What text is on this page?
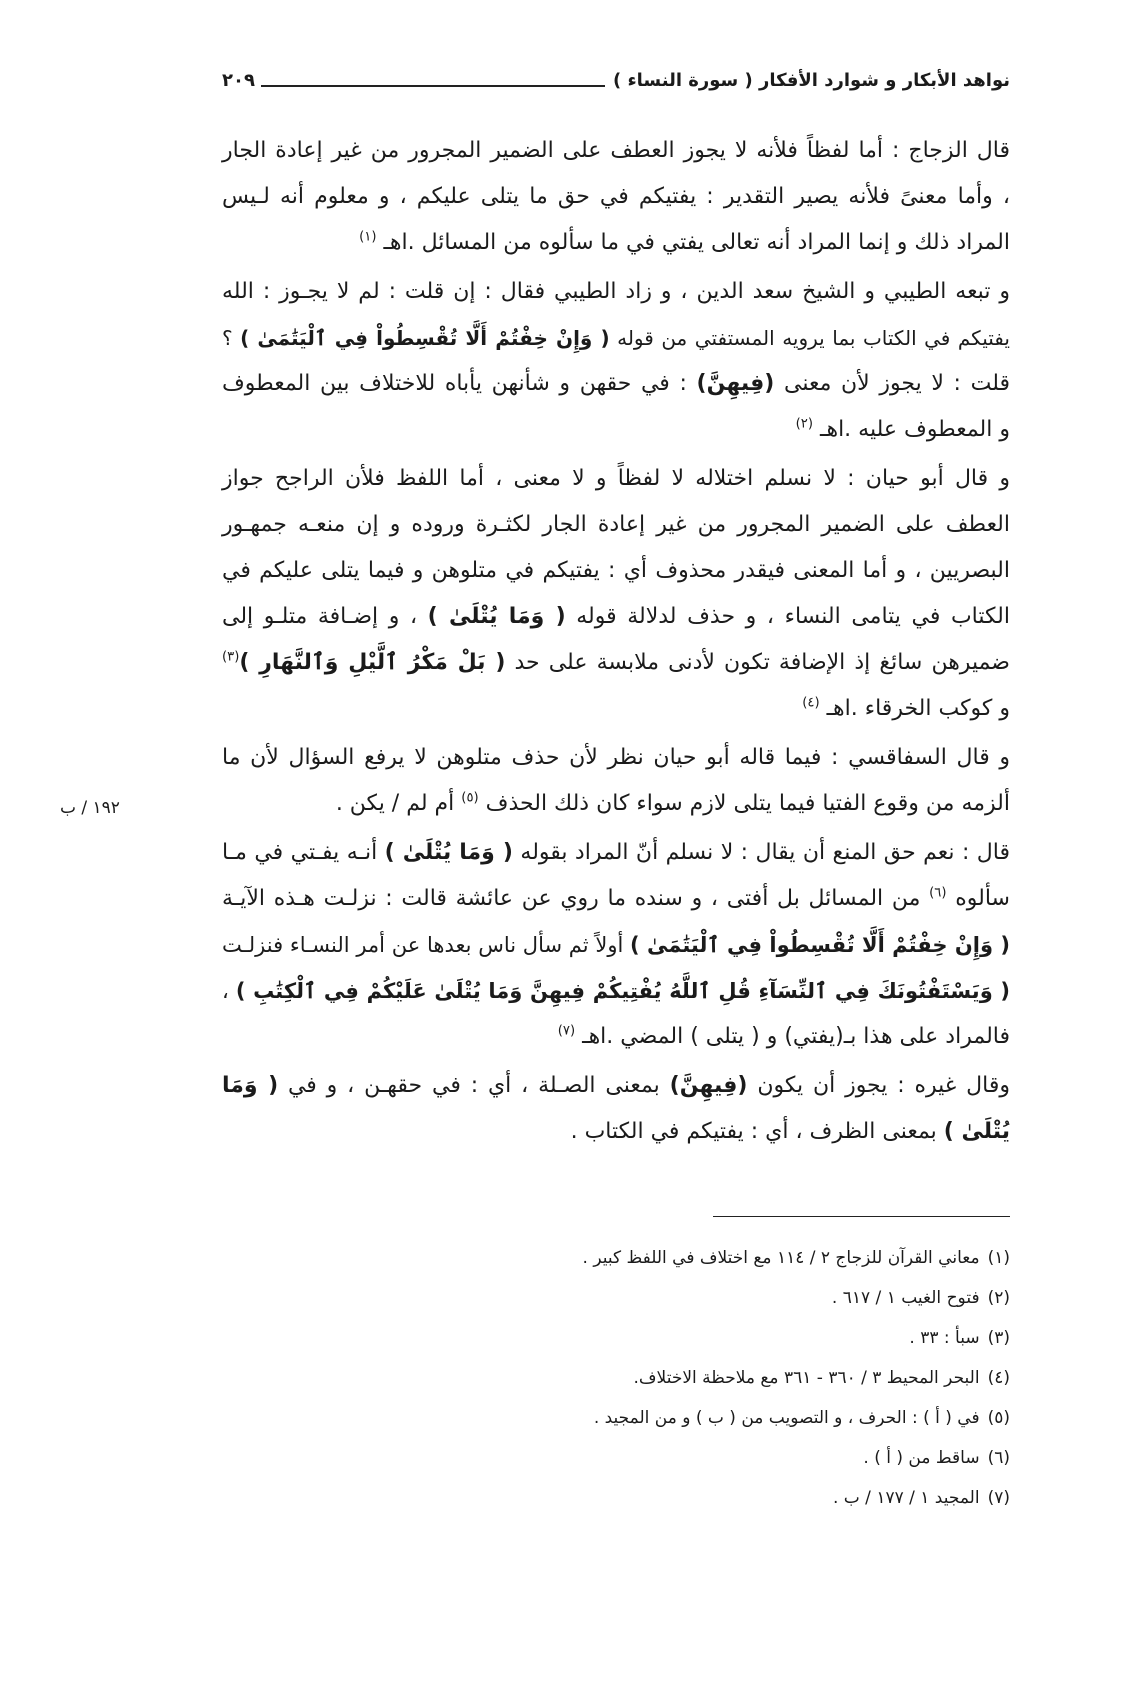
نواهد الأبكار و شوارد الأفكار ( سورة النساء )
٢٠٩
١٩٢ / ب
قال الزجاج : أما لفظاً فلأنه لا يجوز العطف على الضمير المجرور من غير إعادة الجار
، وأما معنىً فلأنه يصير التقدير : يفتيكم في حق ما يتلى عليكم ، و معلوم أنه لـيس
المراد ذلك و إنما المراد أنه تعالى يفتي في ما سألوه من المسائل .اهـ $^{(١)}$
و تبعه الطيبي و الشيخ سعد الدين ، و زاد الطيبي فقال : إن قلت : لم لا يجـوز : الله
يفتيكم في الكتاب بما يرويه المستفتي من قوله ( وَإِنْ خِفْتُمْ أَلَّا تُقْسِطُواْ فِي ٱلْيَتَٰمَىٰ ) ؟
قلت : لا يجوز لأن معنى (فِيهِنَّ) : في حقهن و شأنهن يأباه للاختلاف بين المعطوف
و المعطوف عليه .اهـ $^{(٢)}$
و قال أبو حيان : لا نسلم اختلاله لا لفظاً و لا معنى ، أما اللفظ فلأن الراجح جواز
العطف على الضمير المجرور من غير إعادة الجار لكثـرة وروده و إن منعـه جمهـور
البصريين ، و أما المعنى فيقدر محذوف أي : يفتيكم في متلوهن و فيما يتلى عليكم في
الكتاب في يتامى النساء ، و حذف لدلالة قوله ( وَمَا يُتْلَىٰ ) ، و إضـافة متلـو إلى
ضميرهن سائغ إذ الإضافة تكون لأدنى ملابسة على حد ( بَلْ مَكْرُ ٱلَّيْلِ وَٱلنَّهَارِ )$^{(٣)}$
و كوكب الخرقاء .اهـ $^{(٤)}$
و قال السفاقسي : فيما قاله أبو حيان نظر لأن حذف متلوهن لا يرفع السؤال لأن ما
ألزمه من وقوع الفتيا فيما يتلى لازم سواء كان ذلك الحذف $^{(٥)}$ أم لم / يكن .
قال : نعم حق المنع أن يقال : لا نسلم أنّ المراد بقوله ( وَمَا يُتْلَىٰ ) أنـه يفـتي في مـا
سألوه $^{(٦)}$ من المسائل بل أفتى ، و سنده ما روي عن عائشة قالت : نزلـت هـذه الآيـة
( وَإِنْ خِفْتُمْ أَلَّا تُقْسِطُواْ فِي ٱلْيَتَٰمَىٰ ) أولاً ثم سأل ناس بعدها عن أمر النسـاء فنزلـت
( وَيَسْتَفْتُونَكَ فِي ٱلنِّسَآءِ قُلِ ٱللَّهُ يُفْتِيكُمْ فِيهِنَّ وَمَا يُتْلَىٰ عَلَيْكُمْ فِي ٱلْكِتَٰبِ ) ،
فالمراد على هذا بـ(يفتي) و ( يتلى ) المضي .اهـ $^{(٧)}$
وقال غيره : يجوز أن يكون (فِيهِنَّ) بمعنى الصـلة ، أي : في حقهـن ، و في ( وَمَا
يُتْلَىٰ ) بمعنى الظرف ، أي : يفتيكم في الكتاب .
(١)معاني القرآن للزجاج ٢ / ١١٤ مع اختلاف في اللفظ كبير .
(٢)فتوح الغيب ١ / ٦١٧ .
(٣)سبأ : ٣٣ .
(٤)البحر المحيط ٣ / ٣٦٠ - ٣٦١ مع ملاحظة الاختلاف.
(٥)في ( أ ) : الحرف ، و التصويب من ( ب ) و من المجيد .
(٦)ساقط من ( أ ) .
(٧)المجيد ١ / ١٧٧ / ب .
